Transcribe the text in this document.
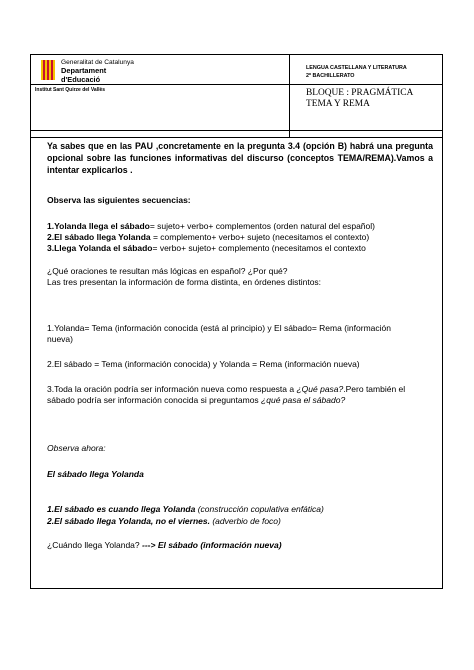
Generalitat de Catalunya
Departament
d'Educació
Institut Sant Quirze del Vallès
LENGUA CASTELLANA Y LITERATURA
2º BACHILLERATO
BLOQUE : PRAGMÁTICA
TEMA Y REMA
Ya sabes que en las PAU ,concretamente en la pregunta 3.4 (opción B) habrá una pregunta opcional sobre las funciones informativas del discurso (conceptos TEMA/REMA).Vamos a intentar explicarlos .
Observa las siguientes secuencias:
1.Yolanda llega el sábado= sujeto+ verbo+ complementos (orden natural del español)
2.El sábado llega Yolanda = complemento+ verbo+ sujeto (necesitamos el contexto)
3.Llega Yolanda el sábado= verbo+ sujeto+ complemento (necesitamos el contexto
¿Qué oraciones te resultan más lógicas en español? ¿Por qué?
Las tres presentan la información de forma distinta, en órdenes distintos:
1.Yolanda= Tema (información conocida (está al principio) y El sábado= Rema (información
nueva)
2.El sábado = Tema (información conocida) y Yolanda = Rema (información nueva)
3.Toda la oración podría ser información nueva como respuesta a ¿Qué pasa?.Pero también el
sábado podría ser información conocida si preguntamos ¿qué pasa el sábado?
Observa ahora:
El sábado llega Yolanda
1.El sábado es cuando llega Yolanda (construcción copulativa enfática)
2.El sábado llega Yolanda, no el viernes. (adverbio de foco)
¿Cuándo llega Yolanda? ---> El sábado (información nueva)
